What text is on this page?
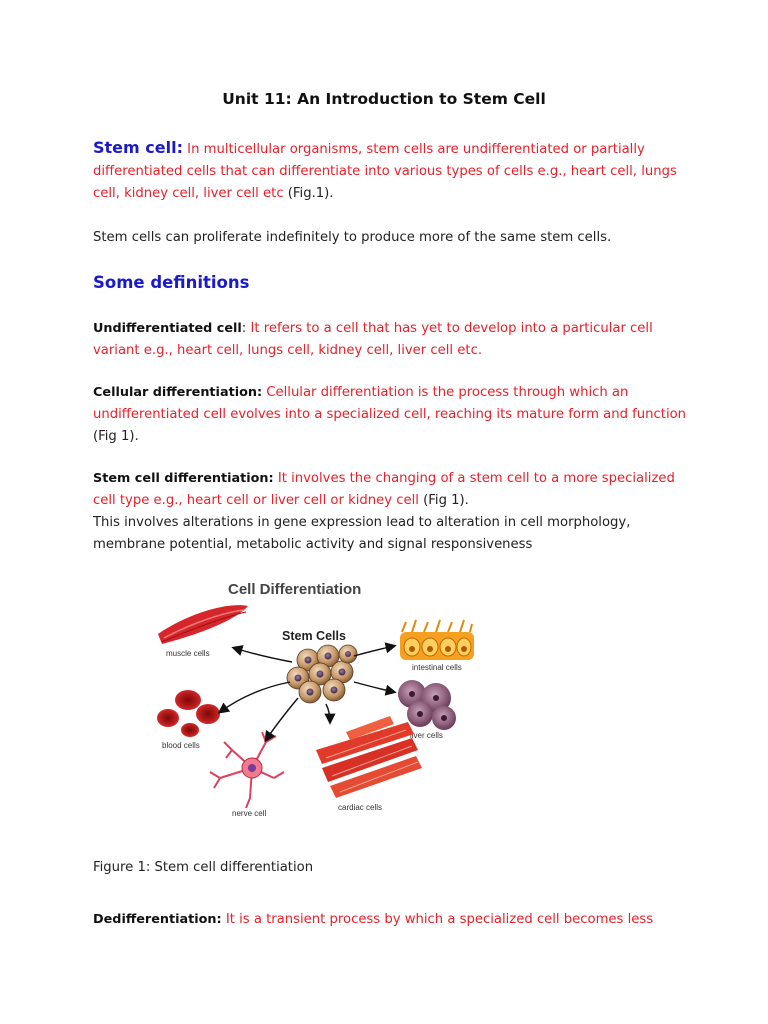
Unit 11: An Introduction to Stem Cell
Stem cell: In multicellular organisms, stem cells are undifferentiated or partially differentiated cells that can differentiate into various types of cells e.g., heart cell, lungs cell, kidney cell, liver cell etc (Fig.1).
Stem cells can proliferate indefinitely to produce more of the same stem cells.
Some definitions
Undifferentiated cell: It refers to a cell that has yet to develop into a particular cell variant e.g., heart cell, lungs cell, kidney cell, liver cell etc.
Cellular differentiation: Cellular differentiation is the process through which an undifferentiated cell evolves into a specialized cell, reaching its mature form and function (Fig 1).
Stem cell differentiation: It involves the changing of a stem cell to a more specialized cell type e.g., heart cell or liver cell or kidney cell (Fig 1).
This involves alterations in gene expression lead to alteration in cell morphology, membrane potential, metabolic activity and signal responsiveness
Cell Differentiation
muscle cells
Stem Cells
intestinal cells
blood cells
liver cells
nerve cell
cardiac cells
Figure 1: Stem cell differentiation
Dedifferentiation: It is a transient process by which a specialized cell becomes less
